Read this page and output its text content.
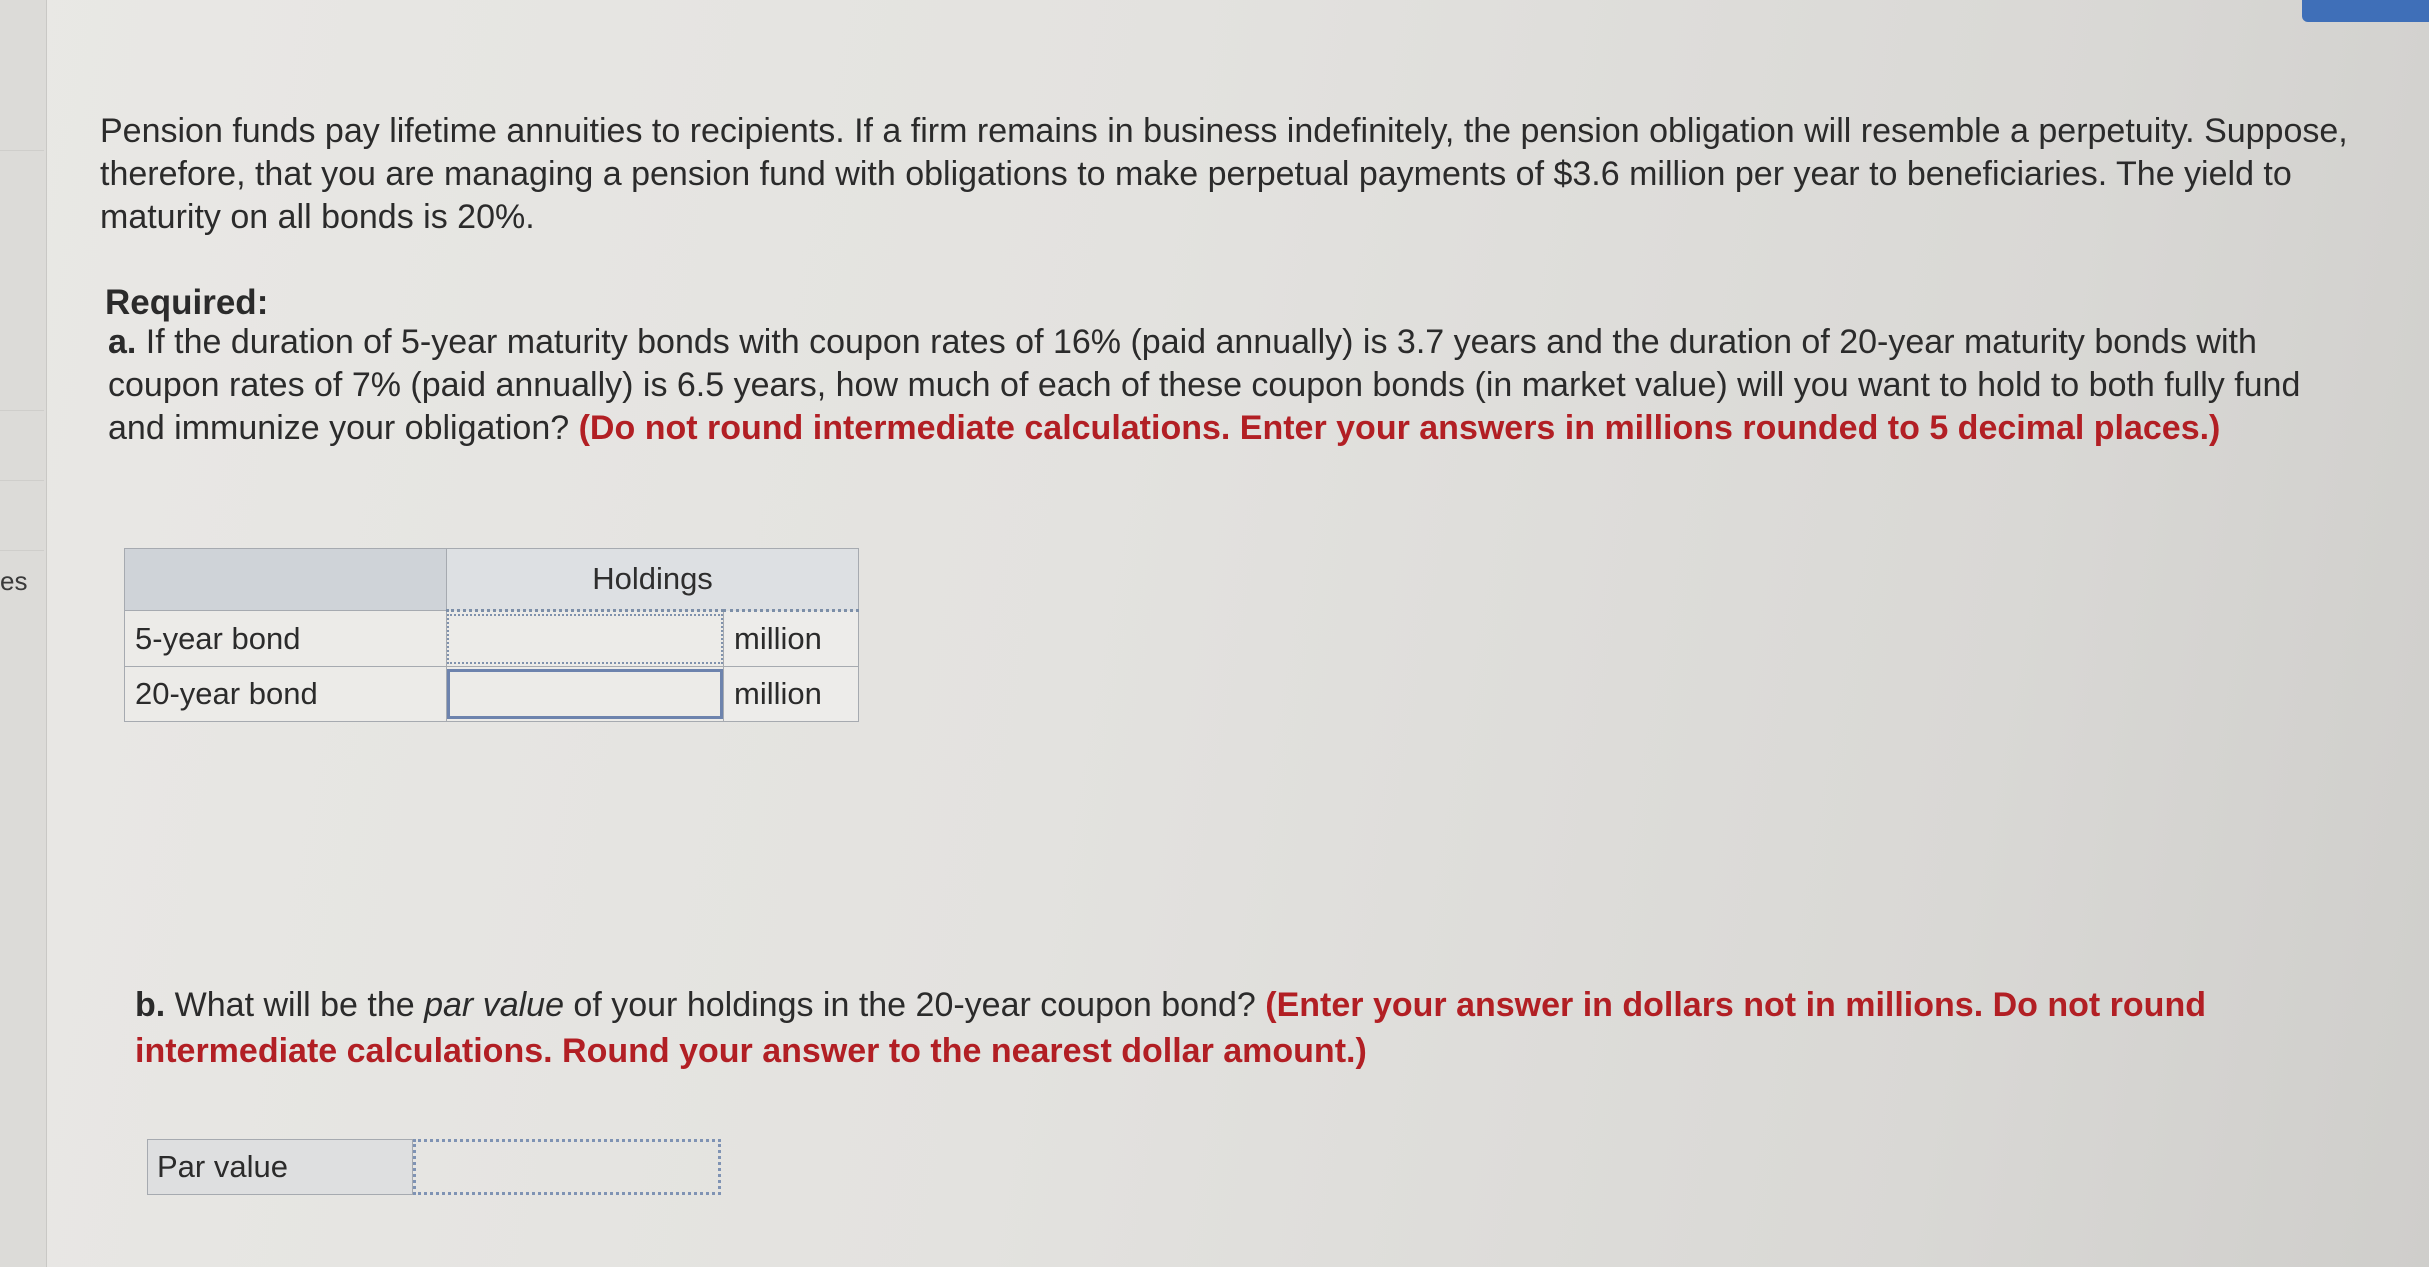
es

Pension funds pay lifetime annuities to recipients. If a firm remains in business indefinitely, the pension obligation will resemble a perpetuity. Suppose, therefore, that you are managing a pension fund with obligations to make perpetual payments of $3.6 million per year to beneficiaries. The yield to maturity on all bonds is 20%.

Required:

a. If the duration of 5-year maturity bonds with coupon rates of 16% (paid annually) is 3.7 years and the duration of 20-year maturity bonds with coupon rates of 7% (paid annually) is 6.5 years, how much of each of these coupon bonds (in market value) will you want to hold to both fully fund and immunize your obligation? (Do not round intermediate calculations. Enter your answers in millions rounded to 5 decimal places.)

	Holdings	
5-year bond		million
20-year bond		million

b. What will be the par value of your holdings in the 20-year coupon bond? (Enter your answer in dollars not in millions. Do not round intermediate calculations. Round your answer to the nearest dollar amount.)

Par value
